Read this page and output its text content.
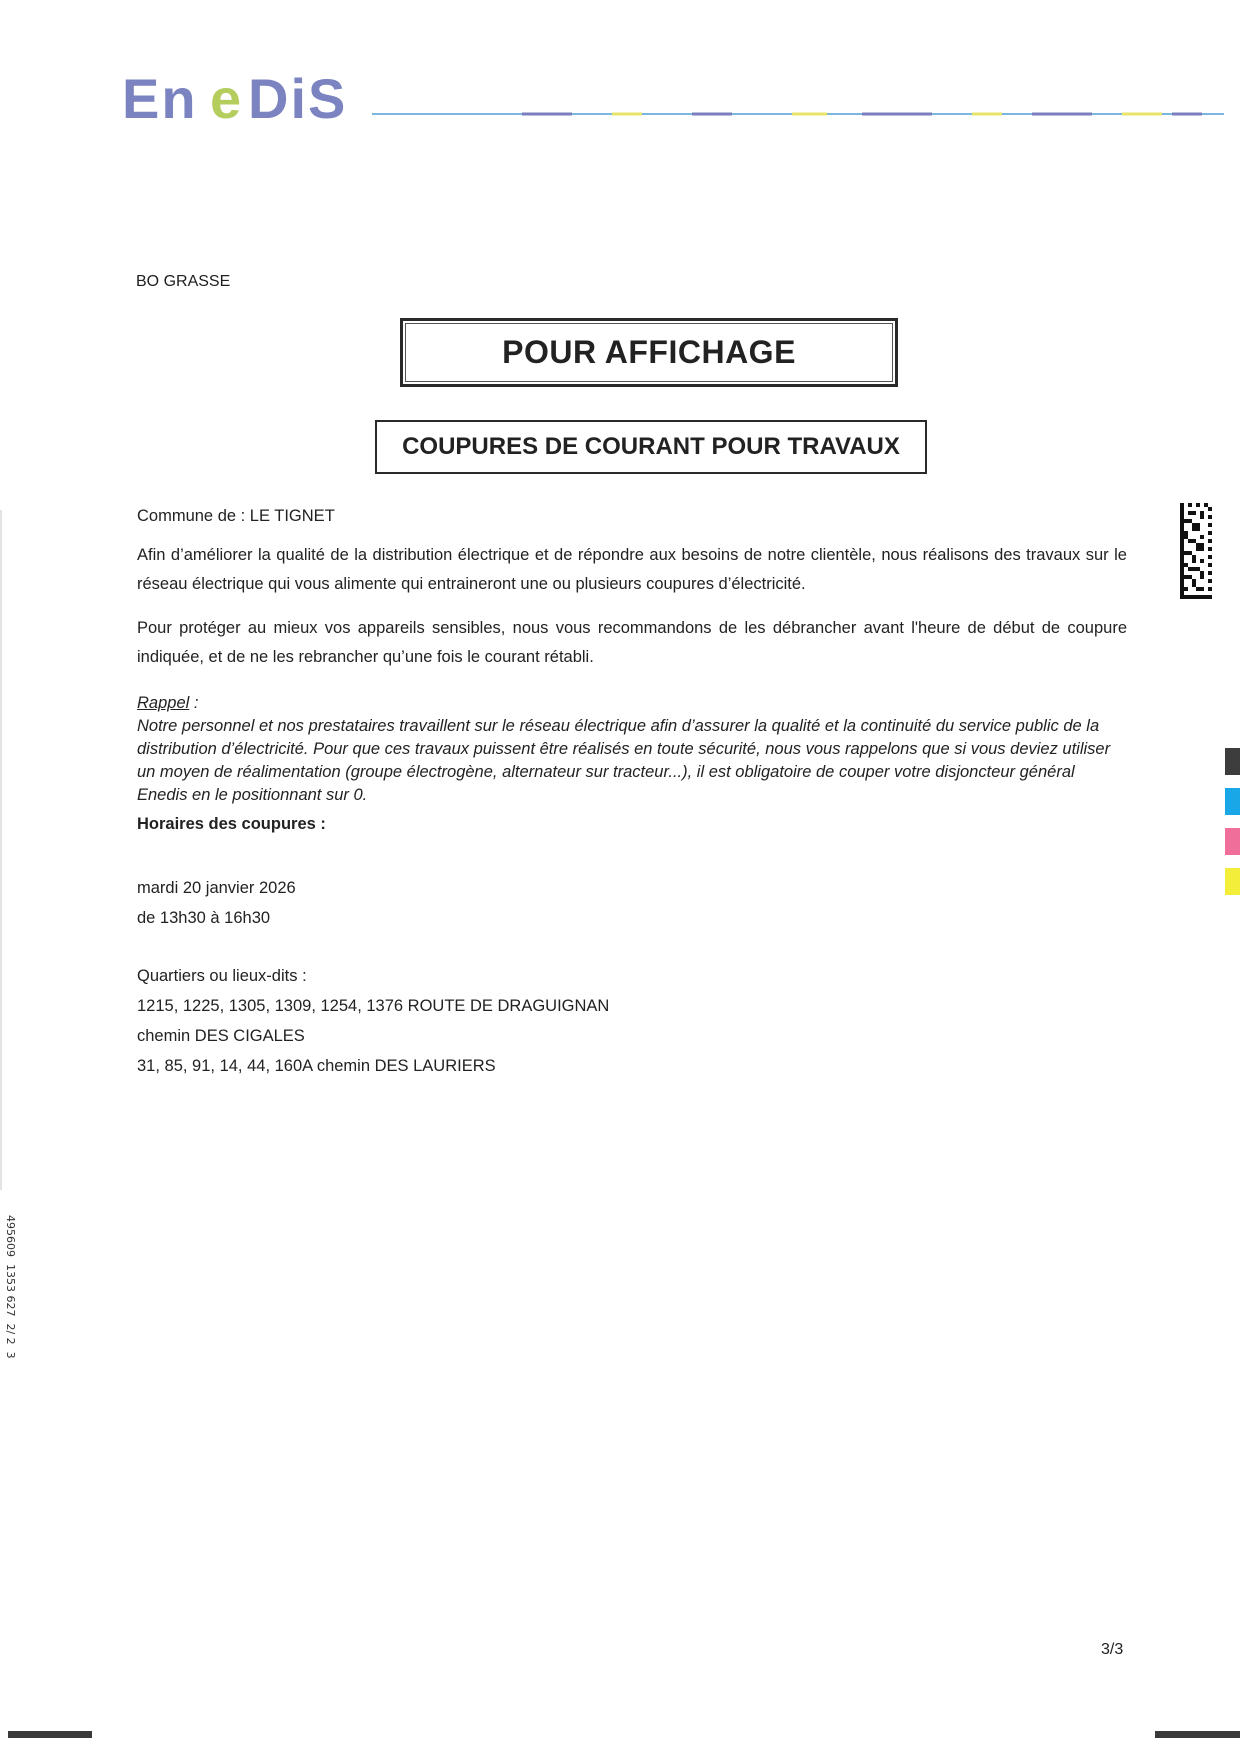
En e DiS
BO GRASSE
POUR AFFICHAGE
COUPURES DE COURANT POUR TRAVAUX
Commune de : LE TIGNET
Afin d’améliorer la qualité de la distribution électrique et de répondre aux besoins de notre clientèle, nous réalisons des travaux sur le réseau électrique qui vous alimente qui entraineront une ou plusieurs coupures d’électricité.
Pour protéger au mieux vos appareils sensibles, nous vous recommandons de les débrancher avant l'heure de début de coupure indiquée, et de ne les rebrancher qu’une fois le courant rétabli.
Rappel :
Notre personnel et nos prestataires travaillent sur le réseau électrique afin d’assurer la qualité et la continuité du service public de la distribution d’électricité. Pour que ces travaux puissent être réalisés en toute sécurité, nous vous rappelons que si vous deviez utiliser un moyen de réalimentation (groupe électrogène, alternateur sur tracteur...), il est obligatoire de couper votre disjoncteur général Enedis en le positionnant sur 0.
Horaires des coupures :
mardi 20 janvier 2026
de 13h30 à 16h30
Quartiers ou lieux-dits :
1215, 1225, 1305, 1309, 1254, 1376 ROUTE DE DRAGUIGNAN
chemin DES CIGALES
31, 85, 91, 14, 44, 160A chemin DES LAURIERS
3/3
495609  1353 627  2/ 2  3
